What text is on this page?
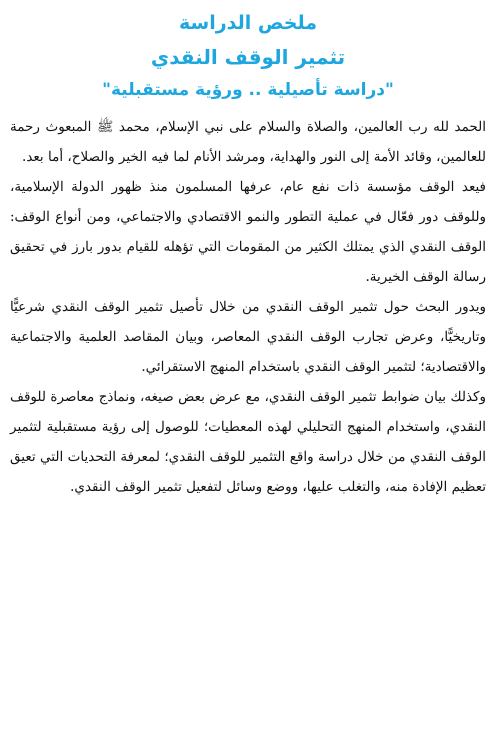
ملخص الدراسة
تثمير الوقف النقدي
"دراسة تأصيلية .. ورؤية مستقبلية"

الحمد لله رب العالمين، والصلاة والسلام على نبي الإسلام، محمد ﷺ المبعوث رحمة للعالمين، وقائد الأمة إلى النور والهداية، ومرشد الأنام لما فيه الخير والصلاح، أما بعد.

فيعد الوقف مؤسسة ذات نفع عام، عرفها المسلمون منذ ظهور الدولة الإسلامية، وللوقف دور فعّال في عملية التطور والنمو الاقتصادي والاجتماعي، ومن أنواع الوقف: الوقف النقدي الذي يمتلك الكثير من المقومات التي تؤهله للقيام بدور بارز في تحقيق رسالة الوقف الخيرية.

ويدور البحث حول تثمير الوقف النقدي من خلال تأصيل تثمير الوقف النقدي شرعيًّا وتاريخيًّا، وعرض تجارب الوقف النقدي المعاصر، وبيان المقاصد العلمية والاجتماعية والاقتصادية؛ لتثمير الوقف النقدي باستخدام المنهج الاستقرائي.

وكذلك بيان ضوابط تثمير الوقف النقدي، مع عرض بعض صيغه، ونماذج معاصرة للوقف النقدي، واستخدام المنهج التحليلي لهذه المعطيات؛ للوصول إلى رؤية مستقبلية لتثمير الوقف النقدي من خلال دراسة واقع التثمير للوقف النقدي؛ لمعرفة التحديات التي تعيق تعظيم الإفادة منه، والتغلب عليها، ووضع وسائل لتفعيل تثمير الوقف النقدي.
